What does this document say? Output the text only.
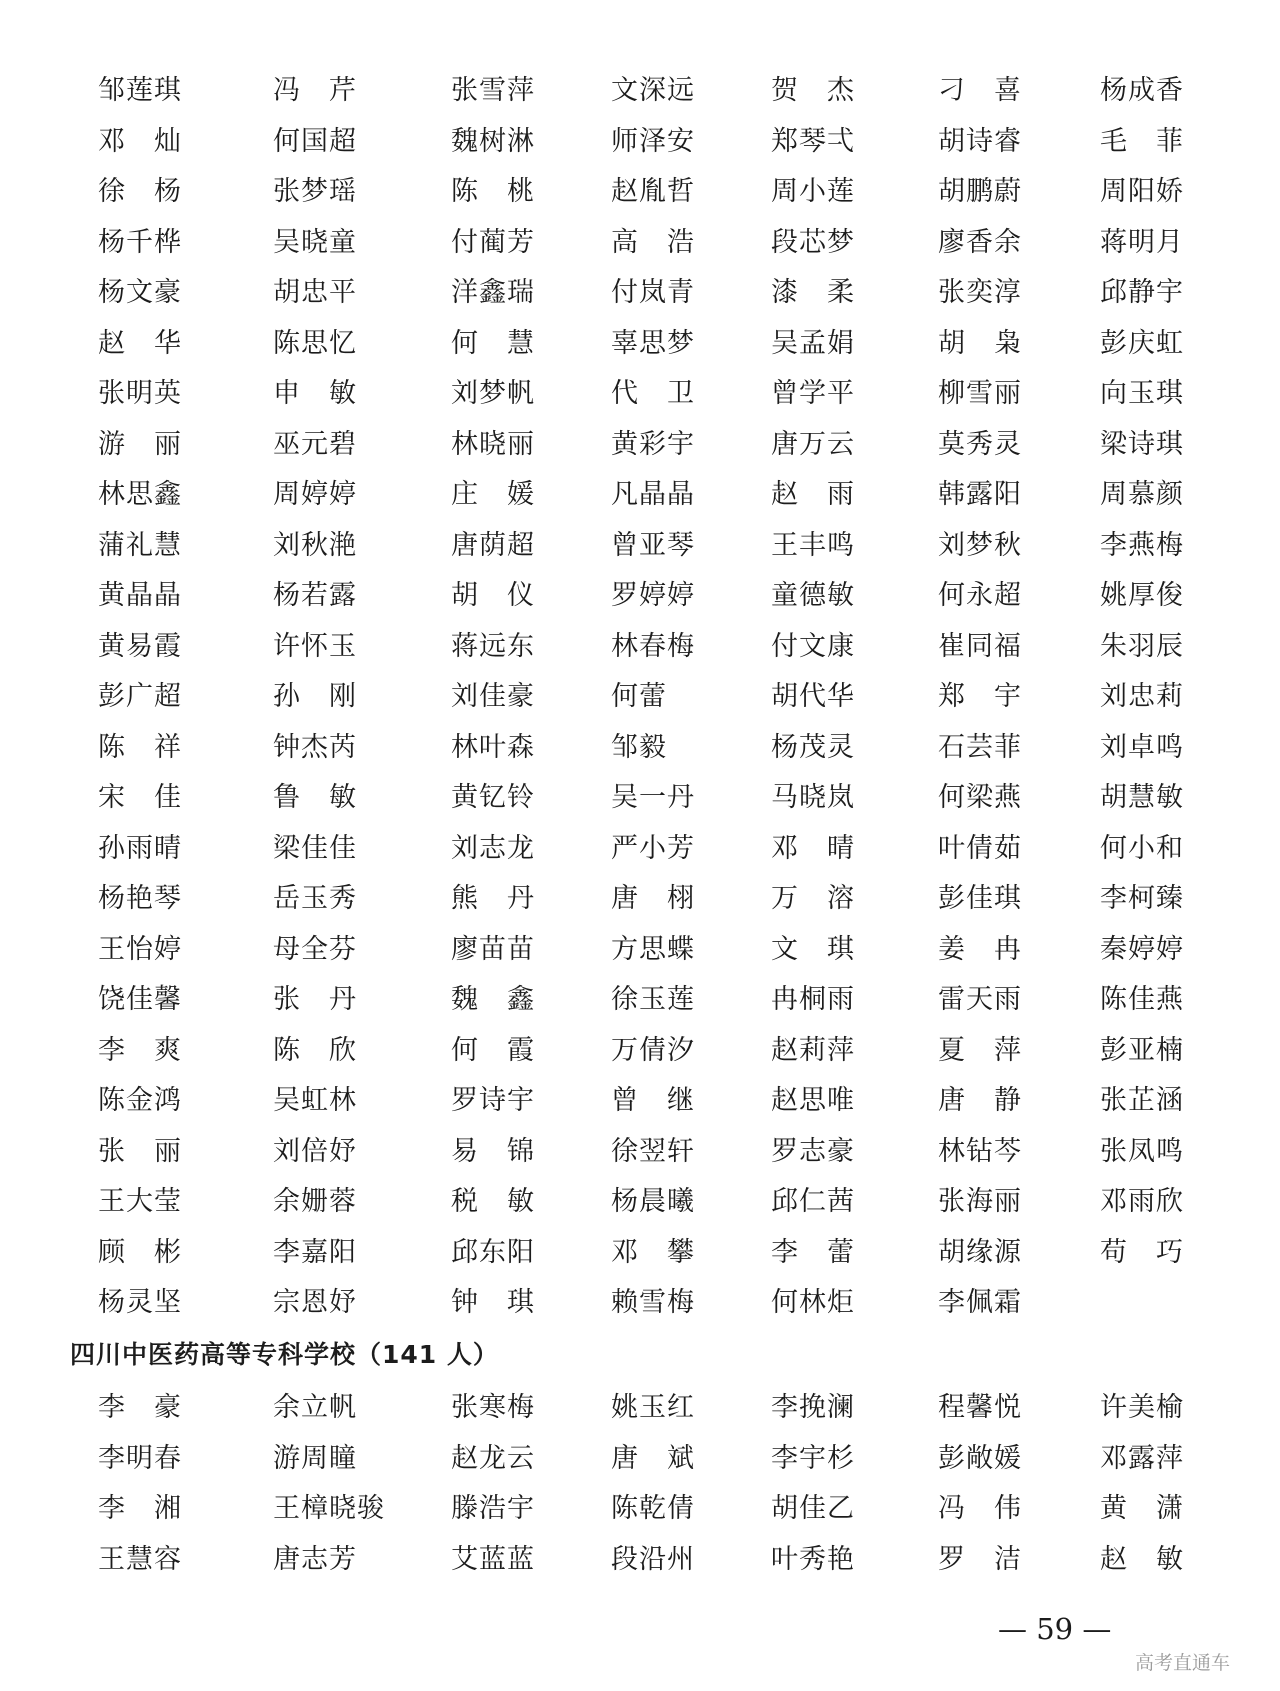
邹莲琪	冯　芹	张雪萍	文深远	贺　杰	刁　喜	杨成香
邓　灿	何国超	魏树淋	师泽安	郑琴弌	胡诗睿	毛　菲
徐　杨	张梦瑶	陈　桃	赵胤哲	周小莲	胡鹏蔚	周阳娇
杨千桦	吴晓童	付蔺芳	高　浩	段芯梦	廖香余	蒋明月
杨文豪	胡忠平	洋鑫瑞	付岚青	漆　柔	张奕淳	邱静宇
赵　华	陈思忆	何　慧	辜思梦	吴孟娟	胡　枭	彭庆虹
张明英	申　敏	刘梦帆	代　卫	曾学平	柳雪丽	向玉琪
游　丽	巫元碧	林晓丽	黄彩宇	唐万云	莫秀灵	梁诗琪
林思鑫	周婷婷	庄　媛	凡晶晶	赵　雨	韩露阳	周慕颜
蒲礼慧	刘秋滟	唐荫超	曾亚琴	王丰鸣	刘梦秋	李燕梅
黄晶晶	杨若露	胡　仪	罗婷婷	童德敏	何永超	姚厚俊
黄易霞	许怀玉	蒋远东	林春梅	付文康	崔同福	朱羽辰
彭广超	孙　刚	刘佳豪	何蕾	胡代华	郑　宇	刘忠莉
陈　祥	钟杰芮	林叶森	邹毅	杨茂灵	石芸菲	刘卓鸣
宋　佳	鲁　敏	黄钇铃	吴一丹	马晓岚	何梁燕	胡慧敏
孙雨晴	梁佳佳	刘志龙	严小芳	邓　晴	叶倩茹	何小和
杨艳琴	岳玉秀	熊　丹	唐　栩	万　溶	彭佳琪	李柯臻
王怡婷	母全芬	廖苗苗	方思蝶	文　琪	姜　冉	秦婷婷
饶佳馨	张　丹	魏　鑫	徐玉莲	冉桐雨	雷天雨	陈佳燕
李　爽	陈　欣	何　霞	万倩汐	赵莉萍	夏　萍	彭亚楠
陈金鸿	吴虹林	罗诗宇	曾　继	赵思唯	唐　静	张芷涵
张　丽	刘倍妤	易　锦	徐翌轩	罗志豪	林钻芩	张凤鸣
王大莹	余姗蓉	税　敏	杨晨曦	邱仁茜	张海丽	邓雨欣
顾　彬	李嘉阳	邱东阳	邓　攀	李　蕾	胡缘源	苟　巧
杨灵坚	宗恩妤	钟　琪	赖雪梅	何林炬	李佩霜
四川中医药高等专科学校（141 人）
李　豪	余立帆	张寒梅	姚玉红	李挽澜	程馨悦	许美榆
李明春	游周瞳	赵龙云	唐　斌	李宇杉	彭敞媛	邓露萍
李　湘	王樟晓骏	滕浩宇	陈乾倩	胡佳乙	冯　伟	黄　潇
王慧容	唐志芳	艾蓝蓝	段沿州	叶秀艳	罗　洁	赵　敏
— 59 —
高考直通车
